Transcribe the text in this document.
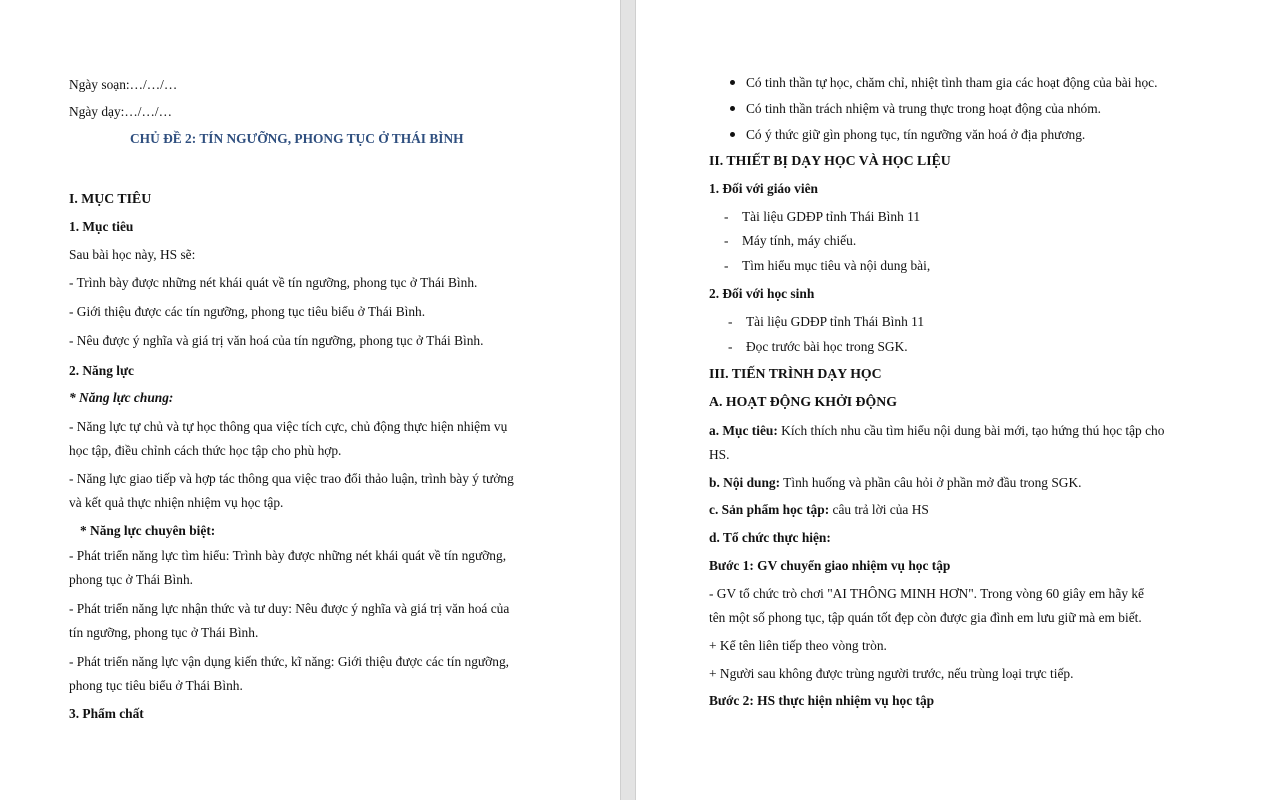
Ngày soạn:…/…/…
Ngày dạy:…/…/…
CHỦ ĐỀ 2: TÍN NGƯỠNG, PHONG TỤC Ở THÁI BÌNH
I. MỤC TIÊU
1. Mục tiêu
Sau bài học này, HS sẽ:
- Trình bày được những nét khái quát về tín ngưỡng, phong tục ở Thái Bình.
- Giới thiệu được các tín ngưỡng, phong tục tiêu biểu ở Thái Bình.
- Nêu được ý nghĩa và giá trị văn hoá của tín ngưỡng, phong tục ở Thái Bình.
2. Năng lực
* Năng lực chung:
- Năng lực tự chủ và tự học thông qua việc tích cực, chủ động thực hiện nhiệm vụ
học tập, điều chỉnh cách thức học tập cho phù hợp.
- Năng lực giao tiếp và hợp tác thông qua việc trao đổi thảo luận, trình bày ý tưởng
và kết quả thực nhiện nhiệm vụ học tập.
* Năng lực chuyên biệt:
- Phát triển năng lực tìm hiểu: Trình bày được những nét khái quát về tín ngưỡng,
phong tục ở Thái Bình.
- Phát triển năng lực nhận thức và tư duy: Nêu được ý nghĩa và giá trị văn hoá của
tín ngưỡng, phong tục ở Thái Bình.
- Phát triển năng lực vận dụng kiến thức, kĩ năng: Giới thiệu được các tín ngưỡng,
phong tục tiêu biểu ở Thái Bình.
3. Phẩm chất
Có tinh thần tự học, chăm chỉ, nhiệt tình tham gia các hoạt động của bài học.
Có tinh thần trách nhiệm và trung thực trong hoạt động của nhóm.
Có ý thức giữ gìn phong tục, tín ngưỡng văn hoá ở địa phương.
II. THIẾT BỊ DẠY HỌC VÀ HỌC LIỆU
1. Đối với giáo viên
- Tài liệu GDĐP tỉnh Thái Bình 11
- Máy tính, máy chiếu.
- Tìm hiểu mục tiêu và nội dung bài,
2. Đối với học sinh
- Tài liệu GDĐP tỉnh Thái Bình 11
- Đọc trước bài học trong SGK.
III. TIẾN TRÌNH DẠY HỌC
A. HOẠT ĐỘNG KHỞI ĐỘNG
a. Mục tiêu: Kích thích nhu cầu tìm hiểu nội dung bài mới, tạo hứng thú học tập cho
HS.
b. Nội dung: Tình huống và phần câu hỏi ở phần mở đầu trong SGK.
c. Sản phẩm học tập: câu trả lời của HS
d. Tổ chức thực hiện:
Bước 1: GV chuyển giao nhiệm vụ học tập
- GV tổ chức trò chơi "AI THÔNG MINH HƠN". Trong vòng 60 giây em hãy kể
tên một số phong tục, tập quán tốt đẹp còn được gia đình em lưu giữ mà em biết.
+ Kể tên liên tiếp theo vòng tròn.
+ Người sau không được trùng người trước, nếu trùng loại trực tiếp.
Bước 2: HS thực hiện nhiệm vụ học tập
